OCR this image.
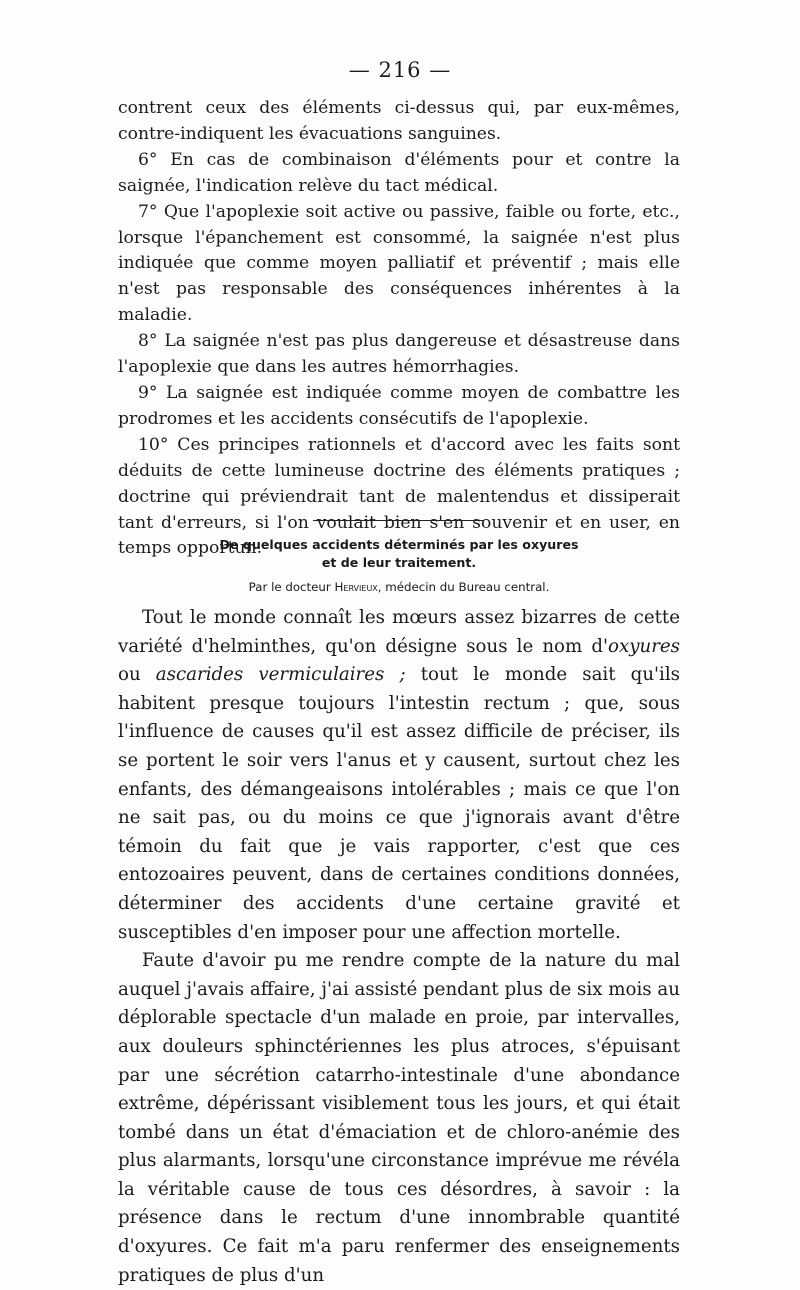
— 216 —

contrent ceux des éléments ci-dessus qui, par eux-mêmes, contre-indiquent les évacuations sanguines.

6° En cas de combinaison d'éléments pour et contre la saignée, l'indication relève du tact médical.

7° Que l'apoplexie soit active ou passive, faible ou forte, etc., lorsque l'épanchement est consommé, la saignée n'est plus indiquée que comme moyen palliatif et préventif ; mais elle n'est pas responsable des conséquences inhérentes à la maladie.

8° La saignée n'est pas plus dangereuse et désastreuse dans l'apoplexie que dans les autres hémorrhagies.

9° La saignée est indiquée comme moyen de combattre les prodromes et les accidents consécutifs de l'apoplexie.

10° Ces principes rationnels et d'accord avec les faits sont déduits de cette lumineuse doctrine des éléments pratiques ; doctrine qui préviendrait tant de malentendus et dissiperait tant d'erreurs, si l'on voulait bien s'en souvenir et en user, en temps opportun.

De quelques accidents déterminés par les oxyures
et de leur traitement.
Par le docteur Hervieux, médecin du Bureau central.

Tout le monde connaît les mœurs assez bizarres de cette variété d'helminthes, qu'on désigne sous le nom d'oxyures ou ascarides vermiculaires ; tout le monde sait qu'ils habitent presque toujours l'intestin rectum ; que, sous l'influence de causes qu'il est assez difficile de préciser, ils se portent le soir vers l'anus et y causent, surtout chez les enfants, des démangeaisons intolérables ; mais ce que l'on ne sait pas, ou du moins ce que j'ignorais avant d'être témoin du fait que je vais rapporter, c'est que ces entozoaires peuvent, dans de certaines conditions données, déterminer des accidents d'une certaine gravité et susceptibles d'en imposer pour une affection mortelle.

Faute d'avoir pu me rendre compte de la nature du mal auquel j'avais affaire, j'ai assisté pendant plus de six mois au déplorable spectacle d'un malade en proie, par intervalles, aux douleurs sphinctériennes les plus atroces, s'épuisant par une sécrétion catarrho-intestinale d'une abondance extrême, dépérissant visiblement tous les jours, et qui était tombé dans un état d'émaciation et de chloro-anémie des plus alarmants, lorsqu'une circonstance imprévue me révéla la véritable cause de tous ces désordres, à savoir : la présence dans le rectum d'une innombrable quantité d'oxyures. Ce fait m'a paru renfermer des enseignements pratiques de plus d'un
